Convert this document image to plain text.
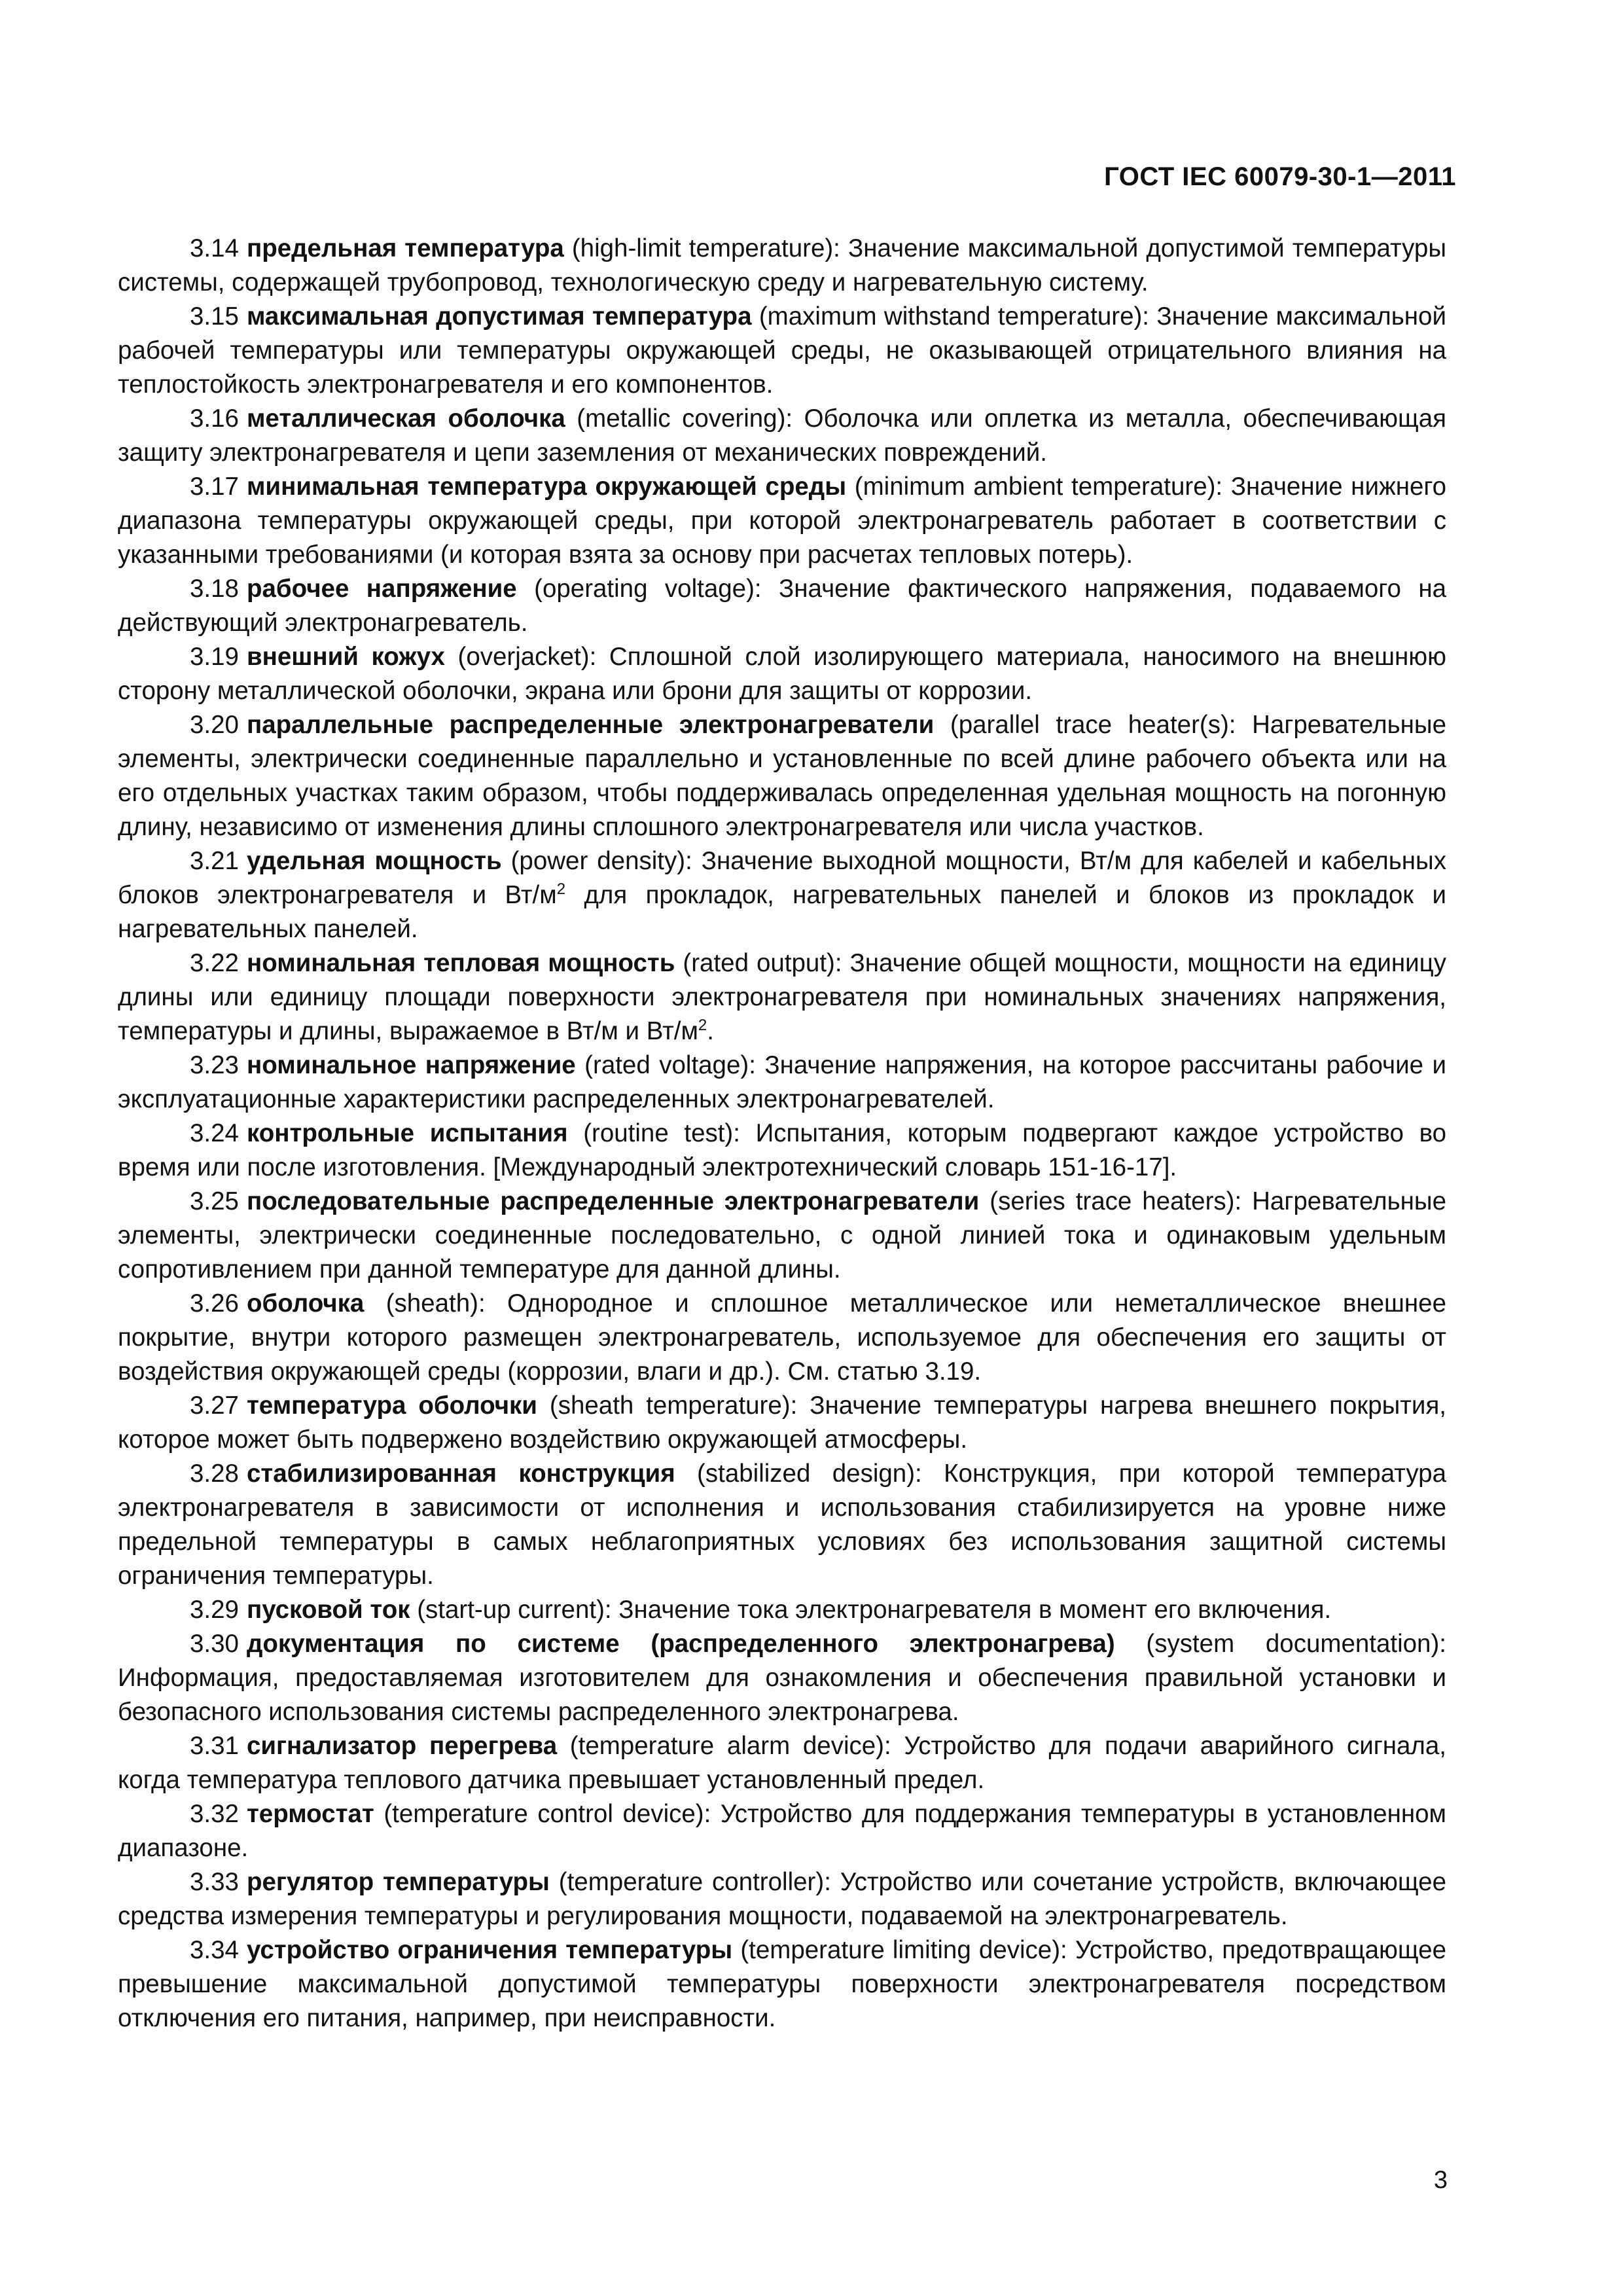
ГОСТ IEC 60079-30-1—2011

3.14 предельная температура (high-limit temperature): Значение максимальной допустимой температуры системы, содержащей трубопровод, технологическую среду и нагревательную систему.

3.15 максимальная допустимая температура (maximum withstand temperature): Значение максимальной рабочей температуры или температуры окружающей среды, не оказывающей отрицательного влияния на теплостойкость электронагревателя и его компонентов.

3.16 металлическая оболочка (metallic covering): Оболочка или оплетка из металла, обеспечивающая защиту электронагревателя и цепи заземления от механических повреждений.

3.17 минимальная температура окружающей среды (minimum ambient temperature): Значение нижнего диапазона температуры окружающей среды, при которой электронагреватель работает в соответствии с указанными требованиями (и которая взята за основу при расчетах тепловых потерь).

3.18 рабочее напряжение (operating voltage): Значение фактического напряжения, подаваемого на действующий электронагреватель.

3.19 внешний кожух (overjacket): Сплошной слой изолирующего материала, наносимого на внешнюю сторону металлической оболочки, экрана или брони для защиты от коррозии.

3.20 параллельные распределенные электронагреватели (parallel trace heater(s): Нагревательные элементы, электрически соединенные параллельно и установленные по всей длине рабочего объекта или на его отдельных участках таким образом, чтобы поддерживалась определенная удельная мощность на погонную длину, независимо от изменения длины сплошного электронагревателя или числа участков.

3.21 удельная мощность (power density): Значение выходной мощности, Вт/м для кабелей и кабельных блоков электронагревателя и $Вт/м^2$ для прокладок, нагревательных панелей и блоков из прокладок и нагревательных панелей.

3.22 номинальная тепловая мощность (rated output): Значение общей мощности, мощности на единицу длины или единицу площади поверхности электронагревателя при номинальных значениях напряжения, температуры и длины, выражаемое в Вт/м и $Вт/м^2$.

3.23 номинальное напряжение (rated voltage): Значение напряжения, на которое рассчитаны рабочие и эксплуатационные характеристики распределенных электронагревателей.

3.24 контрольные испытания (routine test): Испытания, которым подвергают каждое устройство во время или после изготовления. [Международный электротехнический словарь 151-16-17].

3.25 последовательные распределенные электронагреватели (series trace heaters): Нагревательные элементы, электрически соединенные последовательно, с одной линией тока и одинаковым удельным сопротивлением при данной температуре для данной длины.

3.26 оболочка (sheath): Однородное и сплошное металлическое или неметаллическое внешнее покрытие, внутри которого размещен электронагреватель, используемое для обеспечения его защиты от воздействия окружающей среды (коррозии, влаги и др.). См. статью 3.19.

3.27 температура оболочки (sheath temperature): Значение температуры нагрева внешнего покрытия, которое может быть подвержено воздействию окружающей атмосферы.

3.28 стабилизированная конструкция (stabilized design): Конструкция, при которой температура электронагревателя в зависимости от исполнения и использования стабилизируется на уровне ниже предельной температуры в самых неблагоприятных условиях без использования защитной системы ограничения температуры.

3.29 пусковой ток (start-up current): Значение тока электронагревателя в момент его включения.

3.30 документация по системе (распределенного электронагрева) (system documentation): Информация, предоставляемая изготовителем для ознакомления и обеспечения правильной установки и безопасного использования системы распределенного электронагрева.

3.31 сигнализатор перегрева (temperature alarm device): Устройство для подачи аварийного сигнала, когда температура теплового датчика превышает установленный предел.

3.32 термостат (temperature control device): Устройство для поддержания температуры в установленном диапазоне.

3.33 регулятор температуры (temperature controller): Устройство или сочетание устройств, включающее средства измерения температуры и регулирования мощности, подаваемой на электронагреватель.

3.34 устройство ограничения температуры (temperature limiting device): Устройство, предотвращающее превышение максимальной допустимой температуры поверхности электронагревателя посредством отключения его питания, например, при неисправности.

3
